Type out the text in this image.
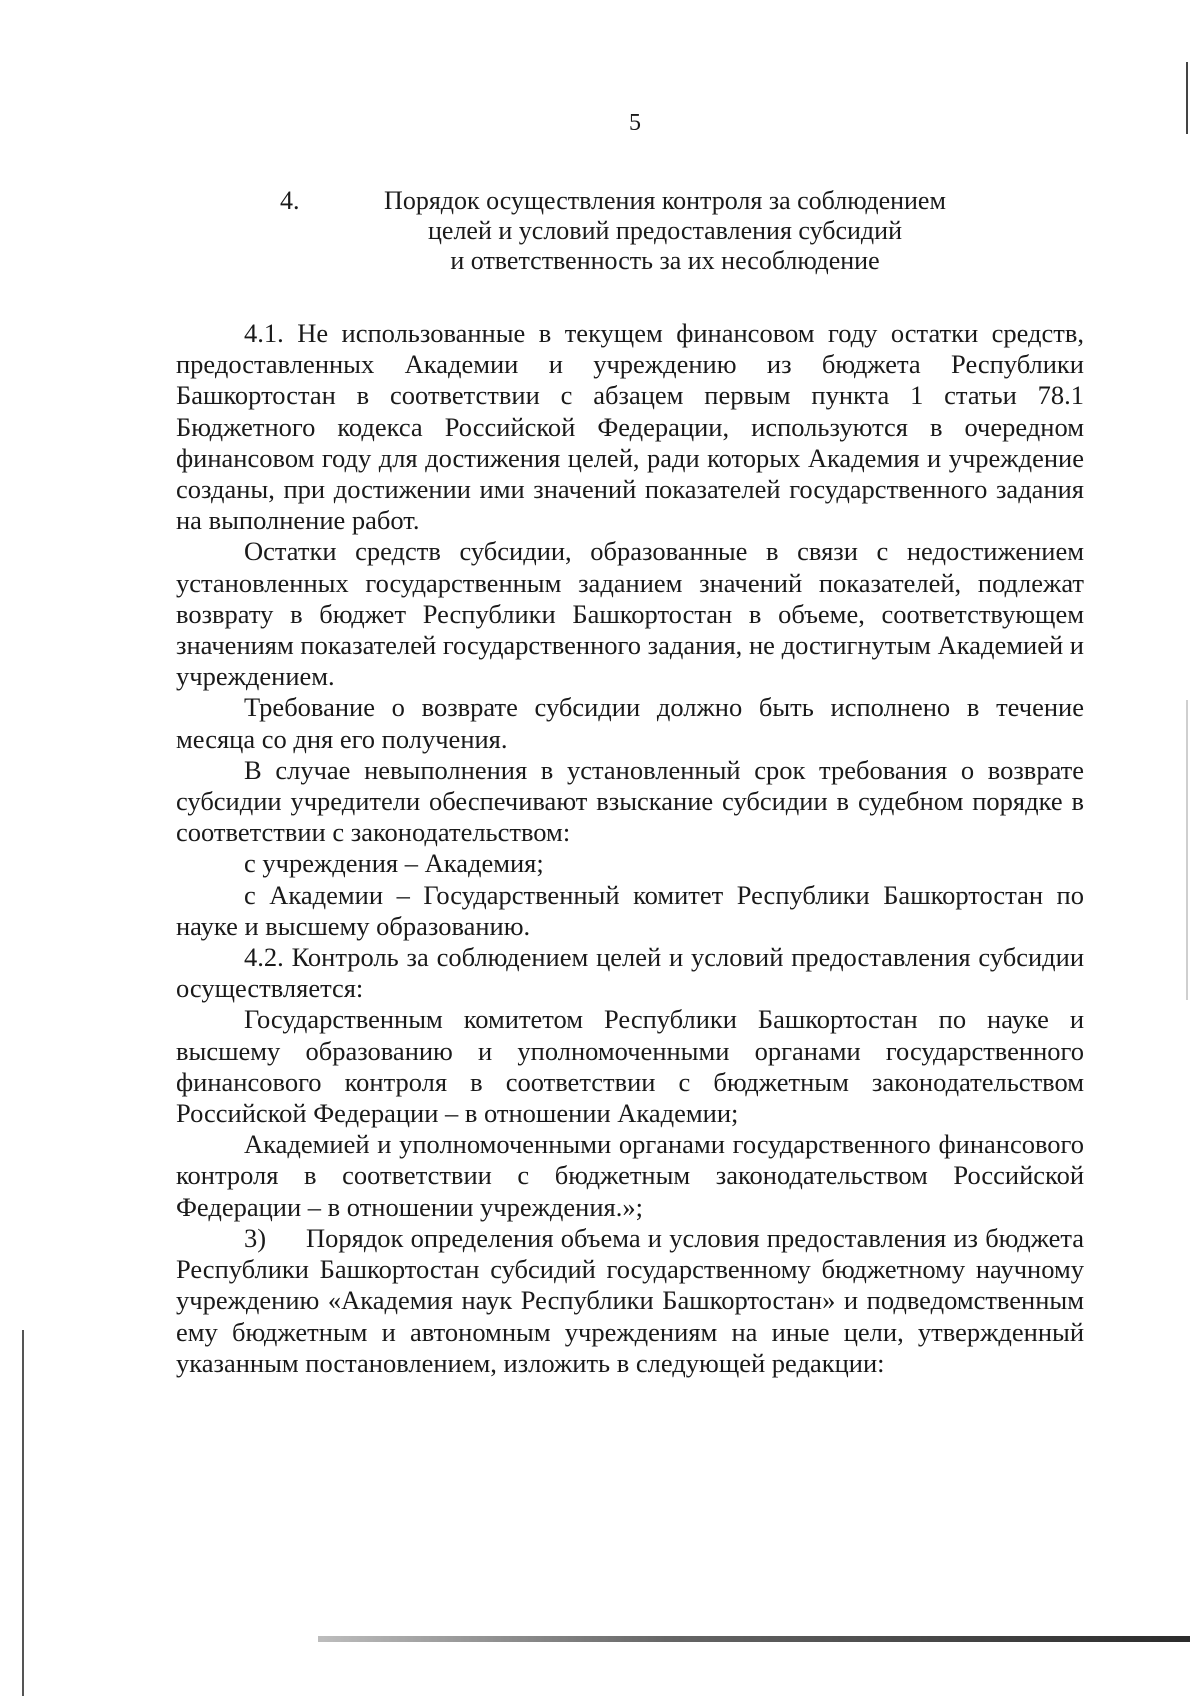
5
4.	Порядок осуществления контроля за соблюдением
целей и условий предоставления субсидий
и ответственность за их несоблюдение

4.1. Не использованные в текущем финансовом году остатки средств, предоставленных Академии и учреждению из бюджета Республики Башкортостан в соответствии с абзацем первым пункта 1 статьи 78.1 Бюджетного кодекса Российской Федерации, используются в очередном финансовом году для достижения целей, ради которых Академия и учреждение созданы, при достижении ими значений показателей государственного задания на выполнение работ.

Остатки средств субсидии, образованные в связи с недостижением установленных государственным заданием значений показателей, подлежат возврату в бюджет Республики Башкортостан в объеме, соответствующем значениям показателей государственного задания, не достигнутым Академией и учреждением.

Требование о возврате субсидии должно быть исполнено в течение месяца со дня его получения.

В случае невыполнения в установленный срок требования о возврате субсидии учредители обеспечивают взыскание субсидии в судебном порядке в соответствии с законодательством:

с учреждения – Академия;

с Академии – Государственный комитет Республики Башкортостан по науке и высшему образованию.

4.2. Контроль за соблюдением целей и условий предоставления субсидии осуществляется:

Государственным комитетом Республики Башкортостан по науке и высшему образованию и уполномоченными органами государственного финансового контроля в соответствии с бюджетным законодательством Российской Федерации – в отношении Академии;

Академией и уполномоченными органами государственного финансового контроля в соответствии с бюджетным законодательством Российской Федерации – в отношении учреждения.»;

3) Порядок определения объема и условия предоставления из бюджета Республики Башкортостан субсидий государственному бюджетному научному учреждению «Академия наук Республики Башкортостан» и подведомственным ему бюджетным и автономным учреждениям на иные цели, утвержденный указанным постановлением, изложить в следующей редакции:
